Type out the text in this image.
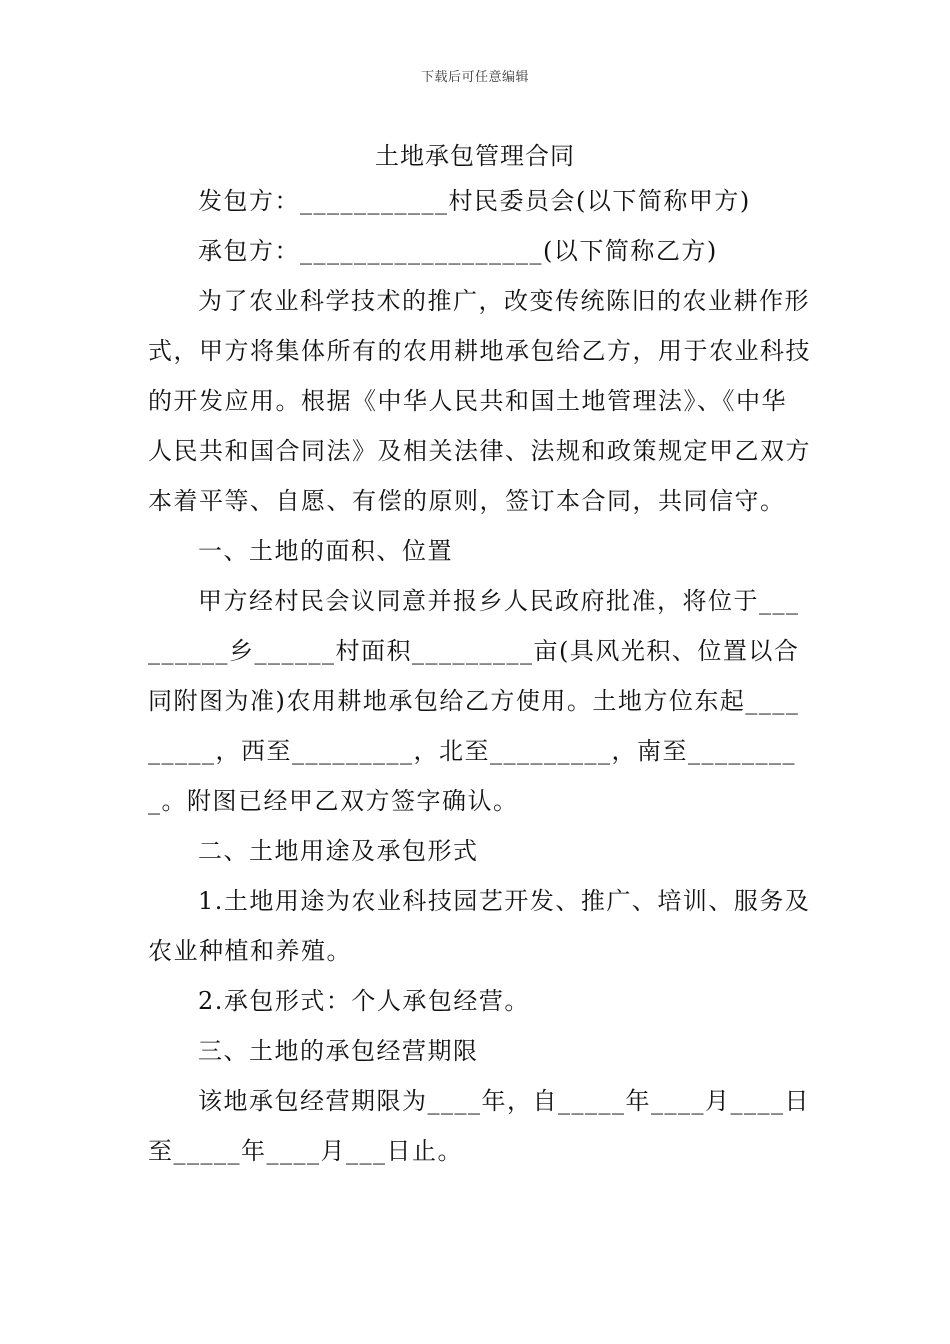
下载后可任意编辑
土地承包管理合同

发包方：___________村民委员会(以下简称甲方)

承包方：__________________(以下简称乙方)

为了农业科学技术的推广，改变传统陈旧的农业耕作形式，甲方将集体所有的农用耕地承包给乙方，用于农业科技的开发应用。根据《中华人民共和国土地管理法》、《中华人民共和国合同法》及相关法律、法规和政策规定甲乙双方本着平等、自愿、有偿的原则，签订本合同，共同信守。

一、土地的面积、位置

甲方经村民会议同意并报乡人民政府批准，将位于_________乡______村面积_________亩(具风光积、位置以合同附图为准)农用耕地承包给乙方使用。土地方位东起_________，西至_________，北至_________，南至_________。附图已经甲乙双方签字确认。

二、土地用途及承包形式

1.土地用途为农业科技园艺开发、推广、培训、服务及农业种植和养殖。

2.承包形式：个人承包经营。

三、土地的承包经营期限

该地承包经营期限为____年，自_____年____月____日至_____年____月___日止。
